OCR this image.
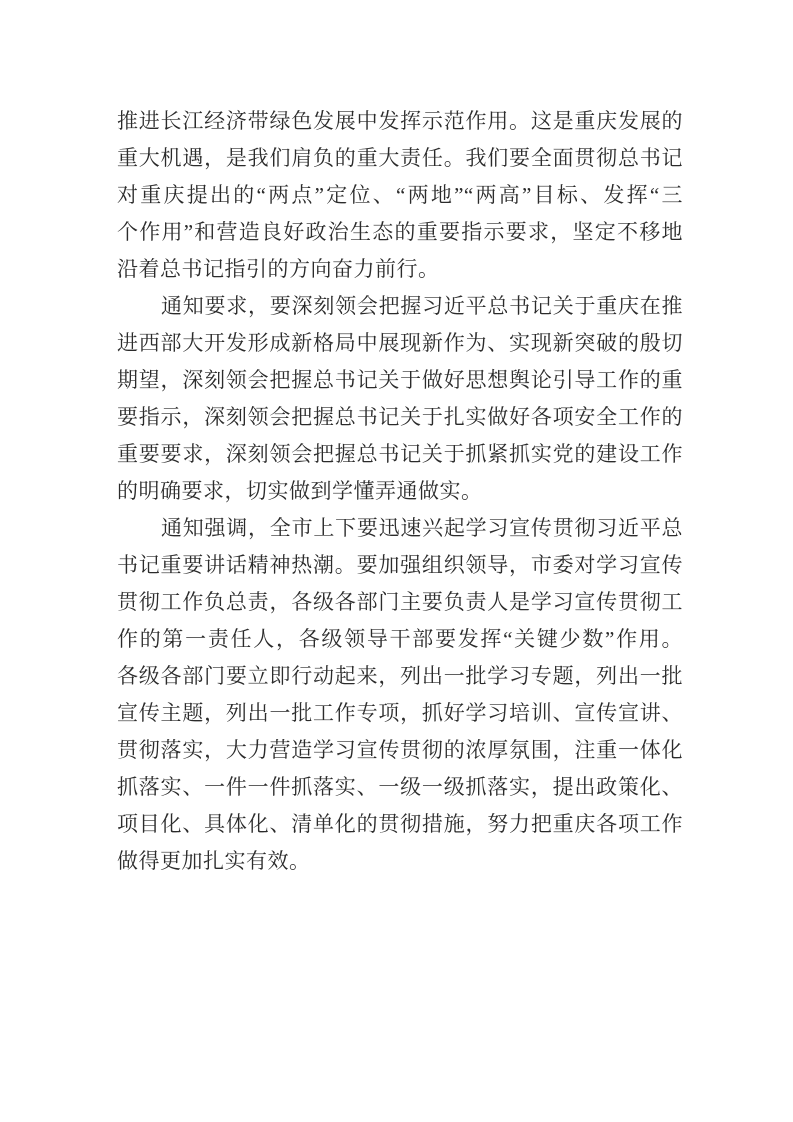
推进长江经济带绿色发展中发挥示范作用。这是重庆发展的
重大机遇，是我们肩负的重大责任。我们要全面贯彻总书记
对重庆提出的“两点”定位、“两地”“两高”目标、发挥“三
个作用”和营造良好政治生态的重要指示要求，坚定不移地
沿着总书记指引的方向奋力前行。
通知要求，要深刻领会把握习近平总书记关于重庆在推
进西部大开发形成新格局中展现新作为、实现新突破的殷切
期望，深刻领会把握总书记关于做好思想舆论引导工作的重
要指示，深刻领会把握总书记关于扎实做好各项安全工作的
重要要求，深刻领会把握总书记关于抓紧抓实党的建设工作
的明确要求，切实做到学懂弄通做实。
通知强调，全市上下要迅速兴起学习宣传贯彻习近平总
书记重要讲话精神热潮。要加强组织领导，市委对学习宣传
贯彻工作负总责，各级各部门主要负责人是学习宣传贯彻工
作的第一责任人，各级领导干部要发挥“关键少数”作用。
各级各部门要立即行动起来，列出一批学习专题，列出一批
宣传主题，列出一批工作专项，抓好学习培训、宣传宣讲、
贯彻落实，大力营造学习宣传贯彻的浓厚氛围，注重一体化
抓落实、一件一件抓落实、一级一级抓落实，提出政策化、
项目化、具体化、清单化的贯彻措施，努力把重庆各项工作
做得更加扎实有效。
